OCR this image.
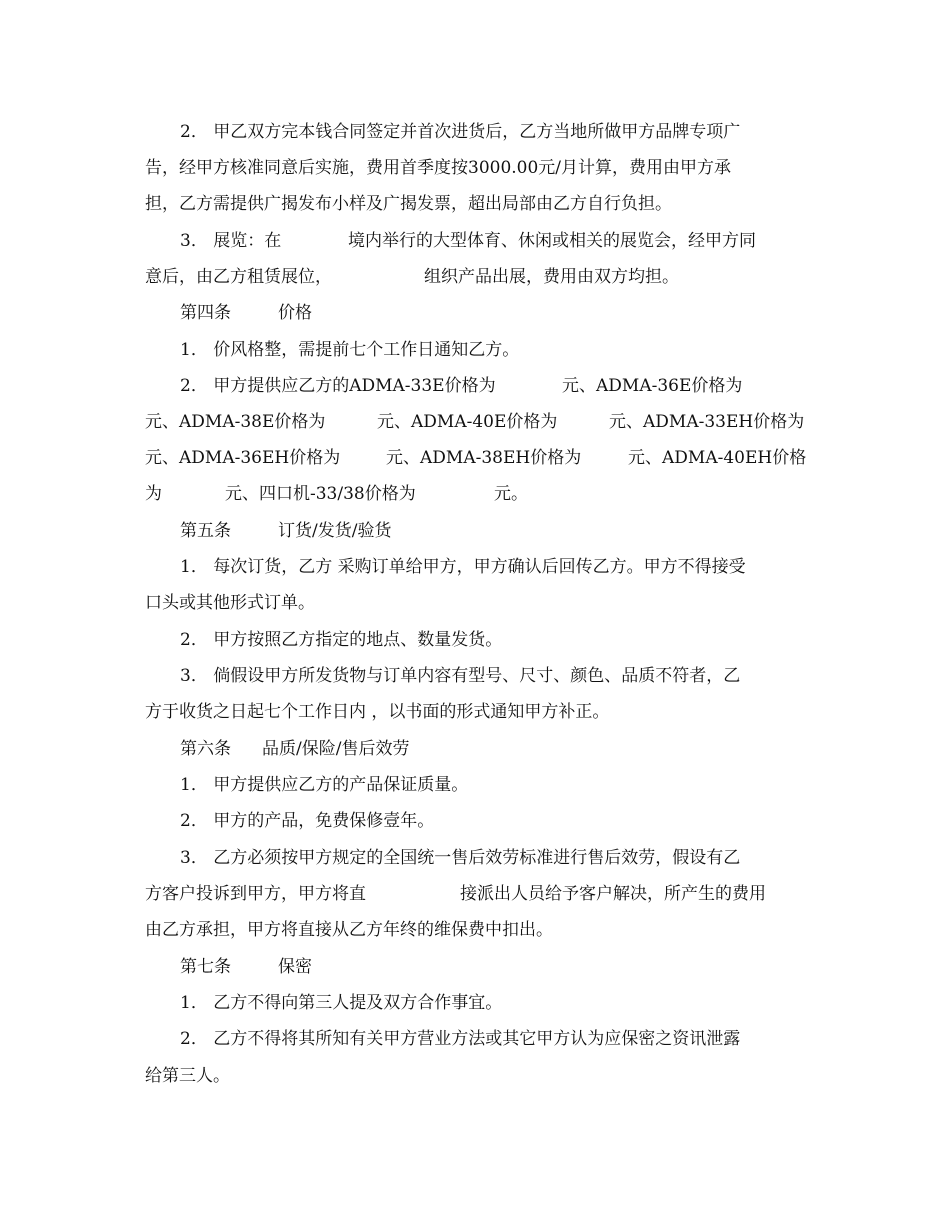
2． 甲乙双方完本钱合同签定并首次进货后，乙方当地所做甲方品牌专项广
告，经甲方核准同意后实施，费用首季度按3000.00元/月计算，费用由甲方承
担，乙方需提供广揭发布小样及广揭发票，超出局部由乙方自行负担。
3． 展览：在	境内举行的大型体育、休闲或相关的展览会，经甲方同
意后，由乙方租赁展位，	组织产品出展，费用由双方均担。
第四条	价格
1． 价风格整，需提前七个工作日通知乙方。
2． 甲方提供应乙方的ADMA-33E价格为	元、ADMA-36E价格为
元、ADMA-38E价格为	元、ADMA-40E价格为	元、ADMA-33EH价格为
元、ADMA-36EH价格为	元、ADMA-38EH价格为	元、ADMA-40EH价格
为	元、四口机-33/38价格为	元。
第五条	订货/发货/验货
1． 每次订货，乙方 采购订单给甲方，甲方确认后回传乙方。甲方不得接受
口头或其他形式订单。
2． 甲方按照乙方指定的地点、数量发货。
3． 倘假设甲方所发货物与订单内容有型号、尺寸、颜色、品质不符者，乙
方于收货之日起七个工作日内 ，以书面的形式通知甲方补正。
第六条 品质/保险/售后效劳
1． 甲方提供应乙方的产品保证质量。
2． 甲方的产品，免费保修壹年。
3． 乙方必须按甲方规定的全国统一售后效劳标准进行售后效劳，假设有乙
方客户投诉到甲方，甲方将直	接派出人员给予客户解决，所产生的费用
由乙方承担，甲方将直接从乙方年终的维保费中扣出。
第七条	保密
1． 乙方不得向第三人提及双方合作事宜。
2． 乙方不得将其所知有关甲方营业方法或其它甲方认为应保密之资讯泄露
给第三人。
